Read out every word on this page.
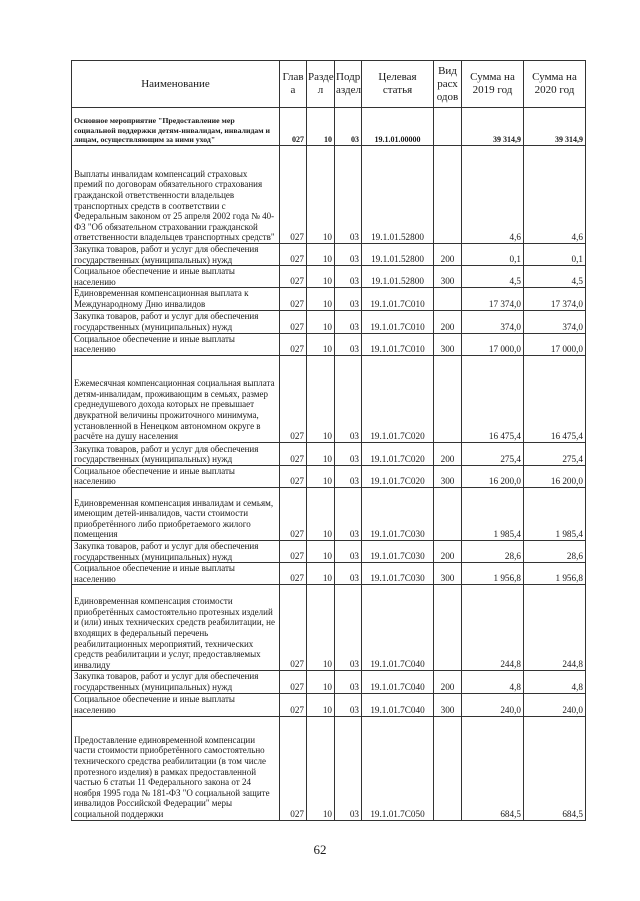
Наименование	Глав а	Разде л	Подр аздел	Целевая статья	Вид расх одов	Сумма на 2019 год	Сумма на 2020 год
Основное мероприятие "Предоставление мер социальной поддержки детям-инвалидам, инвалидам и лицам, осуществляющим за ними уход"	027	10	03	19.1.01.00000		39 314,9	39 314,9
Выплаты инвалидам компенсаций страховых премий по договорам обязательного страхования гражданской ответственности владельцев транспортных средств в соответствии с Федеральным законом от 25 апреля 2002 года № 40-ФЗ "Об обязательном страховании гражданской ответственности владельцев транспортных средств"	027	10	03	19.1.01.52800		4,6	4,6
Закупка товаров, работ и услуг для обеспечения государственных (муниципальных) нужд	027	10	03	19.1.01.52800	200	0,1	0,1
Социальное обеспечение и иные выплаты населению	027	10	03	19.1.01.52800	300	4,5	4,5
Единовременная компенсационная выплата к Международному Дню инвалидов	027	10	03	19.1.01.7С010		17 374,0	17 374,0
Закупка товаров, работ и услуг для обеспечения государственных (муниципальных) нужд	027	10	03	19.1.01.7С010	200	374,0	374,0
Социальное обеспечение и иные выплаты населению	027	10	03	19.1.01.7С010	300	17 000,0	17 000,0
Ежемесячная компенсационная социальная выплата детям-инвалидам, проживающим в семьях, размер среднедушевого дохода которых не превышает двукратной величины прожиточного минимума, установленной в Ненецком автономном округе в расчёте на душу населения	027	10	03	19.1.01.7С020		16 475,4	16 475,4
Закупка товаров, работ и услуг для обеспечения государственных (муниципальных) нужд	027	10	03	19.1.01.7С020	200	275,4	275,4
Социальное обеспечение и иные выплаты населению	027	10	03	19.1.01.7С020	300	16 200,0	16 200,0
Единовременная компенсация инвалидам и семьям, имеющим детей-инвалидов, части стоимости приобретённого либо приобретаемого жилого помещения	027	10	03	19.1.01.7С030		1 985,4	1 985,4
Закупка товаров, работ и услуг для обеспечения государственных (муниципальных) нужд	027	10	03	19.1.01.7С030	200	28,6	28,6
Социальное обеспечение и иные выплаты населению	027	10	03	19.1.01.7С030	300	1 956,8	1 956,8
Единовременная компенсация стоимости приобретённых самостоятельно протезных изделий и (или) иных технических средств реабилитации, не входящих в федеральный перечень реабилитационных мероприятий, технических средств реабилитации и услуг, предоставляемых инвалиду	027	10	03	19.1.01.7С040		244,8	244,8
Закупка товаров, работ и услуг для обеспечения государственных (муниципальных) нужд	027	10	03	19.1.01.7С040	200	4,8	4,8
Социальное обеспечение и иные выплаты населению	027	10	03	19.1.01.7С040	300	240,0	240,0
Предоставление единовременной компенсации части стоимости приобретённого самостоятельно технического средства реабилитации (в том числе протезного изделия) в рамках предоставленной частью 6 статьи 11 Федерального закона от 24 ноября 1995 года № 181-ФЗ "О социальной защите инвалидов Российской Федерации" меры социальной поддержки	027	10	03	19.1.01.7С050		684,5	684,5
62
